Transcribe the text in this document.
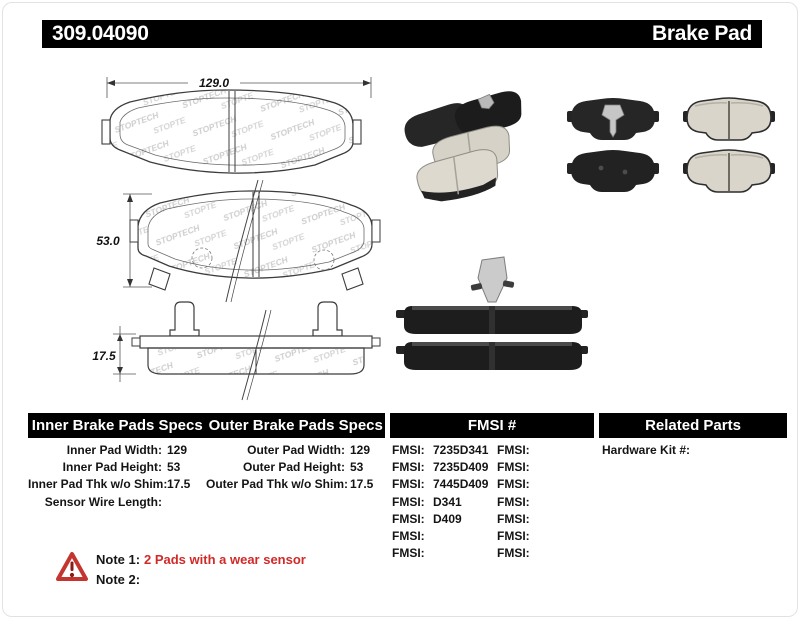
309.04090	Brake Pad
129.0
53.0
17.5
Inner Brake Pads Specs Outer Brake Pads Specs	FMSI #	Related Parts
Inner Pad Width: 129
Inner Pad Height: 53
Inner Pad Thk w/o Shim: 17.5
Sensor Wire Length:
Outer Pad Width: 129
Outer Pad Height: 53
Outer Pad Thk w/o Shim: 17.5
FMSI: 7235D341
FMSI: 7235D409
FMSI: 7445D409
FMSI: D341
FMSI: D409
FMSI:
FMSI:
FMSI:
FMSI:
FMSI:
FMSI:
FMSI:
FMSI:
FMSI:
Hardware Kit #:
Note 1: 2 Pads with a wear sensor
Note 2:
